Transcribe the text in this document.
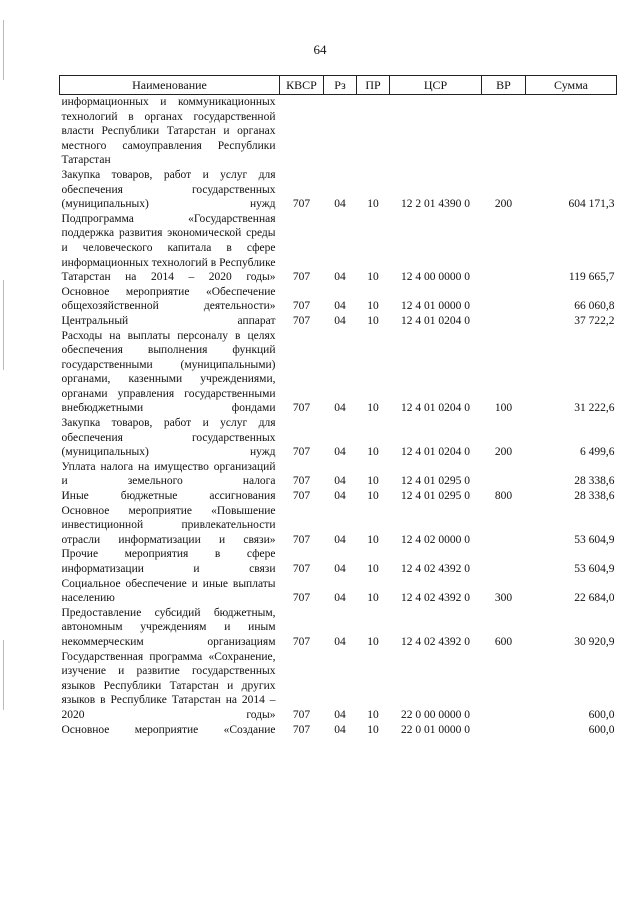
64
Наименование	КВСР	Рз	ПР	ЦСР	ВР	Сумма
информационных и коммуникационных технологий в органах государственной власти Республики Татарстан и органах местного самоуправления Республики Татарстан						
Закупка товаров, работ и услуг для обеспечения государственных (муниципальных) нужд	707	04	10	12 2 01 4390 0	200	604 171,3
Подпрограмма «Государственная поддержка развития экономической среды и человеческого капитала в сфере информационных технологий в Республике Татарстан на 2014 – 2020 годы»	707	04	10	12 4 00 0000 0		119 665,7
Основное мероприятие «Обеспечение общехозяйственной деятельности»	707	04	10	12 4 01 0000 0		66 060,8
Центральный аппарат	707	04	10	12 4 01 0204 0		37 722,2
Расходы на выплаты персоналу в целях обеспечения выполнения функций государственными (муниципальными) органами, казенными учреждениями, органами управления государственными внебюджетными фондами	707	04	10	12 4 01 0204 0	100	31 222,6
Закупка товаров, работ и услуг для обеспечения государственных (муниципальных) нужд	707	04	10	12 4 01 0204 0	200	6 499,6
Уплата налога на имущество организаций и земельного налога	707	04	10	12 4 01 0295 0		28 338,6
Иные бюджетные ассигнования	707	04	10	12 4 01 0295 0	800	28 338,6
Основное мероприятие «Повышение инвестиционной привлекательности отрасли информатизации и связи»	707	04	10	12 4 02 0000 0		53 604,9
Прочие мероприятия в сфере информатизации и связи	707	04	10	12 4 02 4392 0		53 604,9
Социальное обеспечение и иные выплаты населению	707	04	10	12 4 02 4392 0	300	22 684,0
Предоставление субсидий бюджетным, автономным учреждениям и иным некоммерческим организациям	707	04	10	12 4 02 4392 0	600	30 920,9
Государственная программа «Сохранение, изучение и развитие государственных языков Республики Татарстан и других языков в Республике Татарстан на 2014 – 2020 годы»	707	04	10	22 0 00 0000 0		600,0
Основное мероприятие «Создание	707	04	10	22 0 01 0000 0		600,0
